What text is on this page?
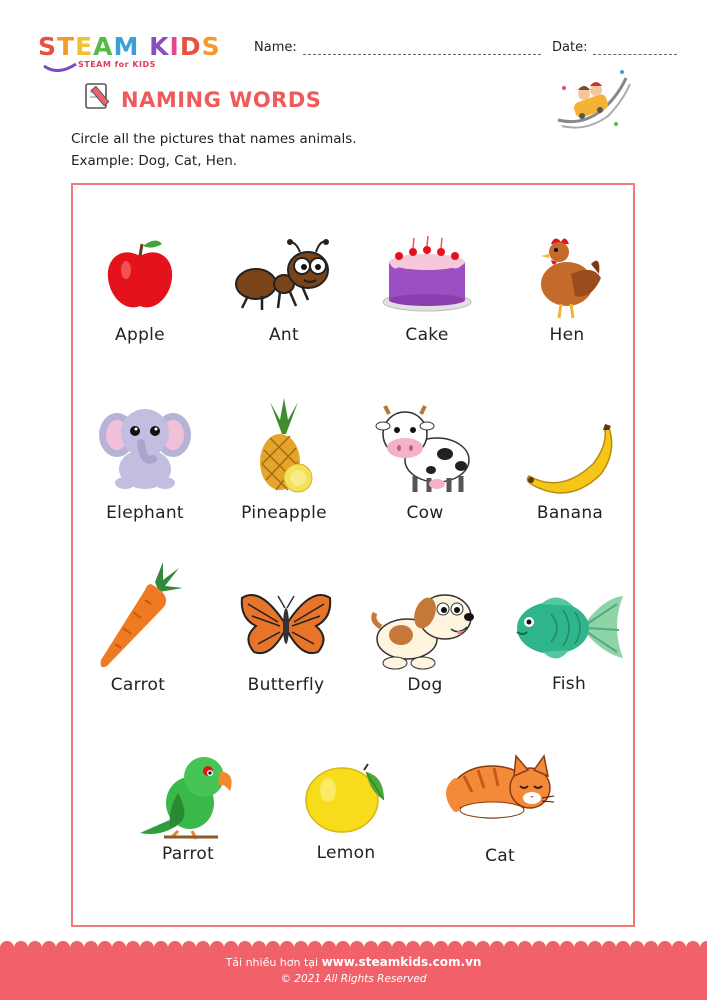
STEAM KIDS
STEAM for KIDS
Name:	Date:
NAMING WORDS
Circle all the pictures that names animals.
Example: Dog, Cat, Hen.
Apple	Ant	Cake	Hen
Elephant	Pineapple	Cow	Banana
Carrot	Butterfly	Dog	Fish
Parrot	Lemon	Cat
Tải nhiều hơn tại www.steamkids.com.vn
© 2021 All Rights Reserved
